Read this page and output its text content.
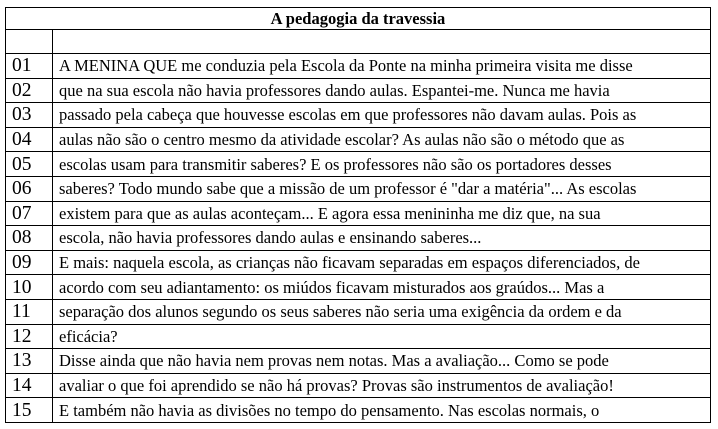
A pedagogia da travessia	

01	A MENINA QUE me conduzia pela Escola da Ponte na minha primeira visita me disse
02	que na sua escola não havia professores dando aulas. Espantei-me. Nunca me havia
03	passado pela cabeça que houvesse escolas em que professores não davam aulas. Pois as
04	aulas não são o centro mesmo da atividade escolar? As aulas não são o método que as
05	escolas usam para transmitir saberes? E os professores não são os portadores desses
06	saberes? Todo mundo sabe que a missão de um professor é "dar a matéria"... As escolas
07	existem para que as aulas aconteçam... E agora essa menininha me diz que, na sua
08	escola, não havia professores dando aulas e ensinando saberes...
09	E mais: naquela escola, as crianças não ficavam separadas em espaços diferenciados, de
10	acordo com seu adiantamento: os miúdos ficavam misturados aos graúdos... Mas a
11	separação dos alunos segundo os seus saberes não seria uma exigência da ordem e da
12	eficácia?
13	Disse ainda que não havia nem provas nem notas. Mas a avaliação... Como se pode
14	avaliar o que foi aprendido se não há provas? Provas são instrumentos de avaliação!
15	E também não havia as divisões no tempo do pensamento. Nas escolas normais, o
